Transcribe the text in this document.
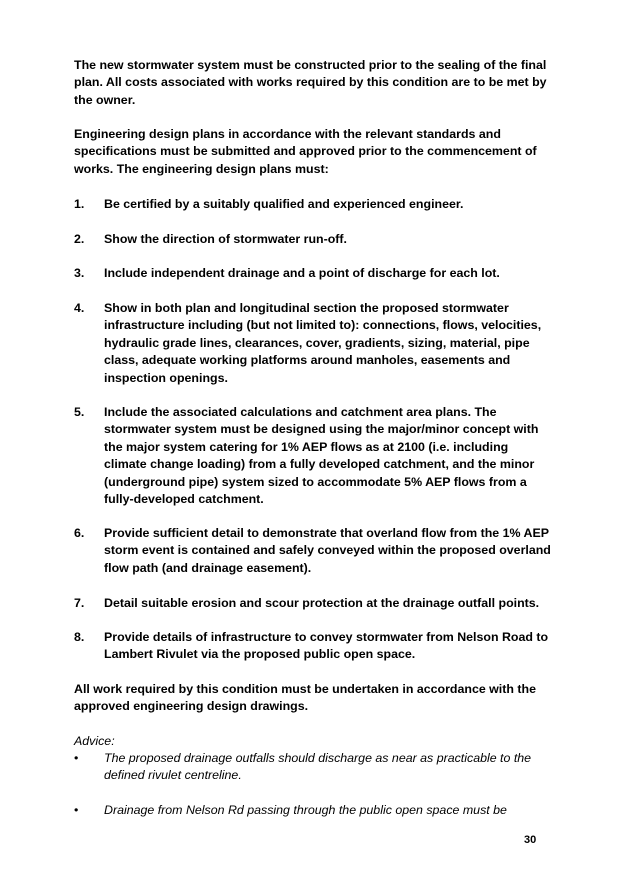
The new stormwater system must be constructed prior to the sealing of the final plan. All costs associated with works required by this condition are to be met by the owner.

Engineering design plans in accordance with the relevant standards and specifications must be submitted and approved prior to the commencement of works. The engineering design plans must:

1. Be certified by a suitably qualified and experienced engineer.
2. Show the direction of stormwater run-off.
3. Include independent drainage and a point of discharge for each lot.
4. Show in both plan and longitudinal section the proposed stormwater infrastructure including (but not limited to): connections, flows, velocities, hydraulic grade lines, clearances, cover, gradients, sizing, material, pipe class, adequate working platforms around manholes, easements and inspection openings.
5. Include the associated calculations and catchment area plans. The stormwater system must be designed using the major/minor concept with the major system catering for 1% AEP flows as at 2100 (i.e. including climate change loading) from a fully developed catchment, and the minor (underground pipe) system sized to accommodate 5% AEP flows from a fully-developed catchment.
6. Provide sufficient detail to demonstrate that overland flow from the 1% AEP storm event is contained and safely conveyed within the proposed overland flow path (and drainage easement).
7. Detail suitable erosion and scour protection at the drainage outfall points.
8. Provide details of infrastructure to convey stormwater from Nelson Road to Lambert Rivulet via the proposed public open space.

All work required by this condition must be undertaken in accordance with the approved engineering design drawings.

Advice:
• The proposed drainage outfalls should discharge as near as practicable to the defined rivulet centreline.
• Drainage from Nelson Rd passing through the public open space must be
30
